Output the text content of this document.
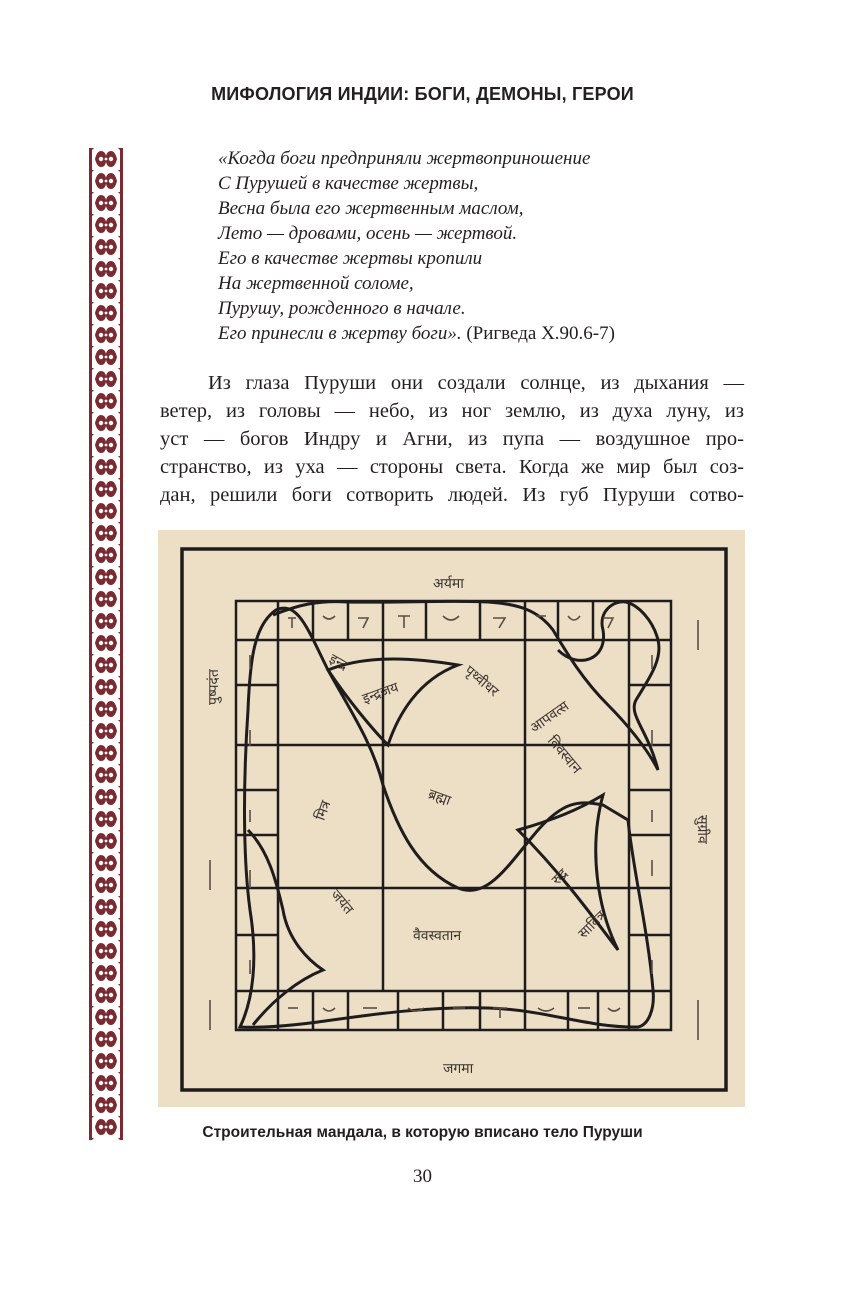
МИФОЛОГИЯ ИНДИИ: БОГИ, ДЕМОНЫ, ГЕРОИ
«Когда боги предприняли жертвоприношение
С Пурушей в качестве жертвы,
Весна была его жертвенным маслом,
Лето — дровами, осень — жертвой.
Его в качестве жертвы кропили
На жертвенной соломе,
Пурушу, рожденного в начале.
Его принесли в жертву боги». (Ригведа X.90.6-7)
Из глаза Пуруши они создали солнце, из дыхания —
ветер, из головы — небо, из ног землю, из духа луну, из
уст — богов Индру и Агни, из пупа — воздушное про-
странство, из уха — стороны света. Когда же мир был соз-
дан, решили боги сотворить людей. Из губ Пуруши сотво-
अर्यमा
जगमा
ब्रह्मा
मित्र
विवस्वान
वैवस्वतान
पृथ्वीधर
जयंत
इन्द्र
इन्द्रजय
आपवत्स
सावित्र
रुद्र
पुष्पदंत
सुग्रीव
Строительная мандала, в которую вписано тело Пуруши
30
